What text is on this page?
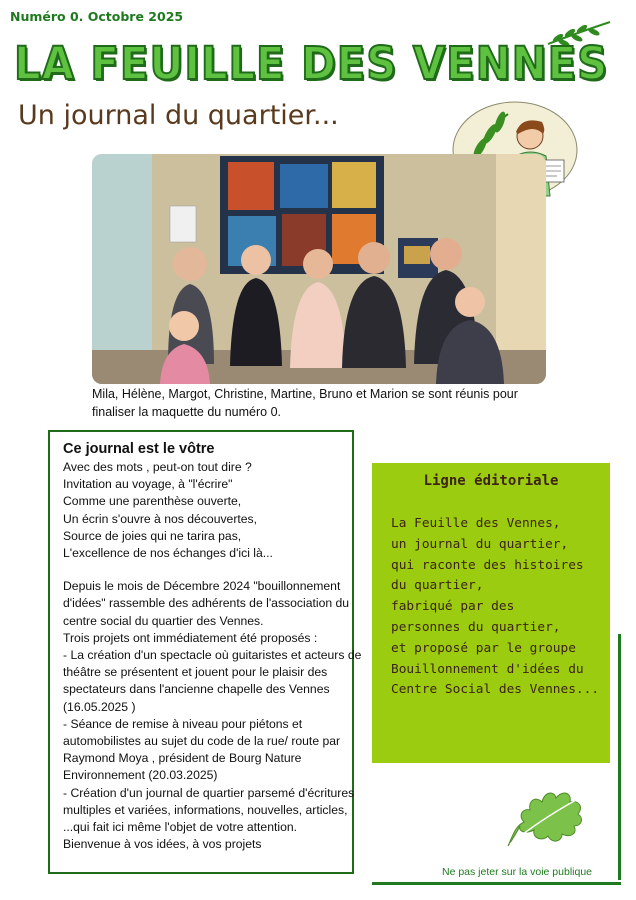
Numéro 0. Octobre 2025
LA FEUILLE DES VENNES
Un journal du quartier...
Mila, Hélène, Margot, Christine, Martine, Bruno et Marion se sont réunis pour finaliser la maquette du numéro 0.
Ce journal est le vôtre
Avec des mots , peut-on tout dire ?
Invitation au voyage, à "l'écrire"
Comme une parenthèse ouverte,
Un écrin s'ouvre à nos découvertes,
Source de joies qui ne tarira pas,
L'excellence de nos échanges d'ici là...
Depuis le mois de Décembre 2024 "bouillonnement
d'idées" rassemble des adhérents de l'association du
centre social du quartier des Vennes.
Trois projets ont immédiatement été proposés :
- La création d'un spectacle où guitaristes et acteurs de
théâtre se présentent et jouent pour le plaisir des
spectateurs dans l'ancienne chapelle des Vennes
(16.05.2025 )
- Séance de remise à niveau pour piétons et
automobilistes au sujet du code de la rue/ route par
Raymond Moya , président de Bourg Nature
Environnement (20.03.2025)
- Création d'un journal de quartier parsemé d'écritures
multiples et variées, informations, nouvelles, articles,
...qui fait ici même l'objet de votre attention.
Bienvenue à vos idées, à vos projets
Ligne éditoriale
La Feuille des Vennes,
un journal du quartier,
qui raconte des histoires
du quartier,
fabriqué par des
personnes du quartier,
et proposé par le groupe
Bouillonnement d'idées du
Centre Social des Vennes...
Ne pas jeter sur la voie publique
